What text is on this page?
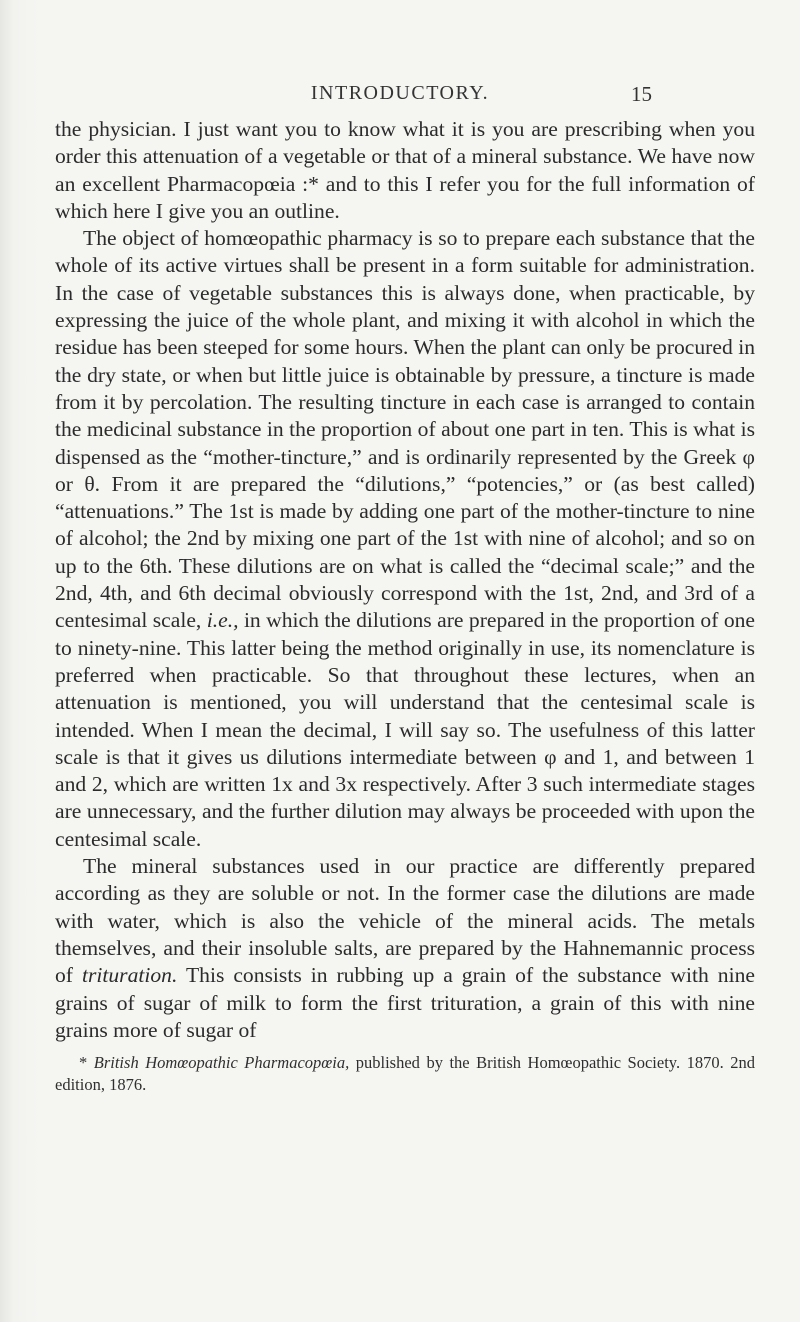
INTRODUCTORY.	15

the physician. I just want you to know what it is you are prescribing when you order this attenuation of a vegetable or that of a mineral substance. We have now an excellent Pharmacopœia :* and to this I refer you for the full information of which here I give you an outline.

The object of homœopathic pharmacy is so to prepare each substance that the whole of its active virtues shall be present in a form suitable for administration. In the case of vegetable substances this is always done, when practicable, by expressing the juice of the whole plant, and mixing it with alcohol in which the residue has been steeped for some hours. When the plant can only be procured in the dry state, or when but little juice is obtainable by pressure, a tincture is made from it by percolation. The resulting tincture in each case is arranged to contain the medicinal substance in the proportion of about one part in ten. This is what is dispensed as the “mother-tincture,” and is ordinarily represented by the Greek φ or θ. From it are prepared the “dilutions,” “potencies,” or (as best called) “attenuations.” The 1st is made by adding one part of the mother-tincture to nine of alcohol; the 2nd by mixing one part of the 1st with nine of alcohol; and so on up to the 6th. These dilutions are on what is called the “decimal scale;” and the 2nd, 4th, and 6th decimal obviously correspond with the 1st, 2nd, and 3rd of a centesimal scale, i.e., in which the dilutions are prepared in the proportion of one to ninety-nine. This latter being the method originally in use, its nomenclature is preferred when practicable. So that throughout these lectures, when an attenuation is mentioned, you will understand that the centesimal scale is intended. When I mean the decimal, I will say so. The usefulness of this latter scale is that it gives us dilutions intermediate between φ and 1, and between 1 and 2, which are written 1x and 3x respectively. After 3 such intermediate stages are unnecessary, and the further dilution may always be proceeded with upon the centesimal scale.

The mineral substances used in our practice are differently prepared according as they are soluble or not. In the former case the dilutions are made with water, which is also the vehicle of the mineral acids. The metals themselves, and their insoluble salts, are prepared by the Hahnemannic process of trituration. This consists in rubbing up a grain of the substance with nine grains of sugar of milk to form the first trituration, a grain of this with nine grains more of sugar of

* British Homœopathic Pharmacopœia, published by the British Homœopathic Society. 1870. 2nd edition, 1876.
